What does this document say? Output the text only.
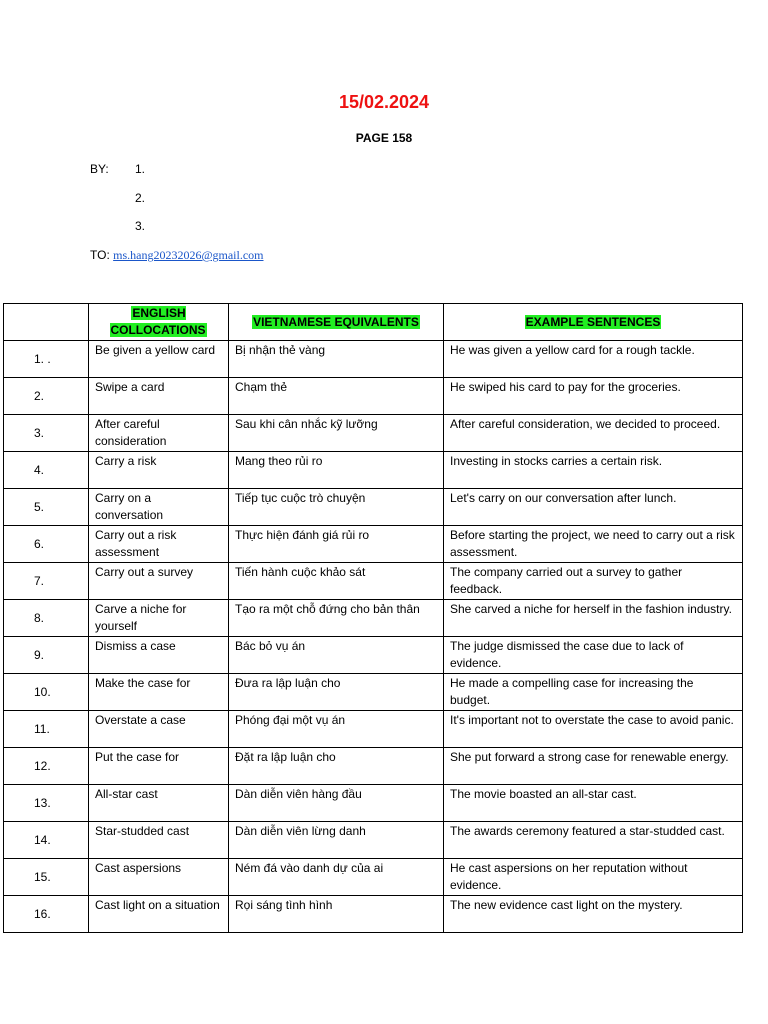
15/02.2024
PAGE 158
BY: 1.
2.
3.
TO: ms.hang20232026@gmail.com
	ENGLISH COLLOCATIONS	VIETNAMESE EQUIVALENTS	EXAMPLE SENTENCES
1. .	Be given a yellow card	Bị nhận thẻ vàng	He was given a yellow card for a rough tackle.
2.	Swipe a card	Chạm thẻ	He swiped his card to pay for the groceries.
3.	After careful consideration	Sau khi cân nhắc kỹ lưỡng	After careful consideration, we decided to proceed.
4.	Carry a risk	Mang theo rủi ro	Investing in stocks carries a certain risk.
5.	Carry on a conversation	Tiếp tục cuộc trò chuyện	Let's carry on our conversation after lunch.
6.	Carry out a risk assessment	Thực hiện đánh giá rủi ro	Before starting the project, we need to carry out a risk assessment.
7.	Carry out a survey	Tiến hành cuộc khảo sát	The company carried out a survey to gather feedback.
8.	Carve a niche for yourself	Tạo ra một chỗ đứng cho bản thân	She carved a niche for herself in the fashion industry.
9.	Dismiss a case	Bác bỏ vụ án	The judge dismissed the case due to lack of evidence.
10.	Make the case for	Đưa ra lập luận cho	He made a compelling case for increasing the budget.
11.	Overstate a case	Phóng đại một vụ án	It's important not to overstate the case to avoid panic.
12.	Put the case for	Đặt ra lập luận cho	She put forward a strong case for renewable energy.
13.	All-star cast	Dàn diễn viên hàng đầu	The movie boasted an all-star cast.
14.	Star-studded cast	Dàn diễn viên lừng danh	The awards ceremony featured a star-studded cast.
15.	Cast aspersions	Ném đá vào danh dự của ai	He cast aspersions on her reputation without evidence.
16.	Cast light on a situation	Rọi sáng tình hình	The new evidence cast light on the mystery.
